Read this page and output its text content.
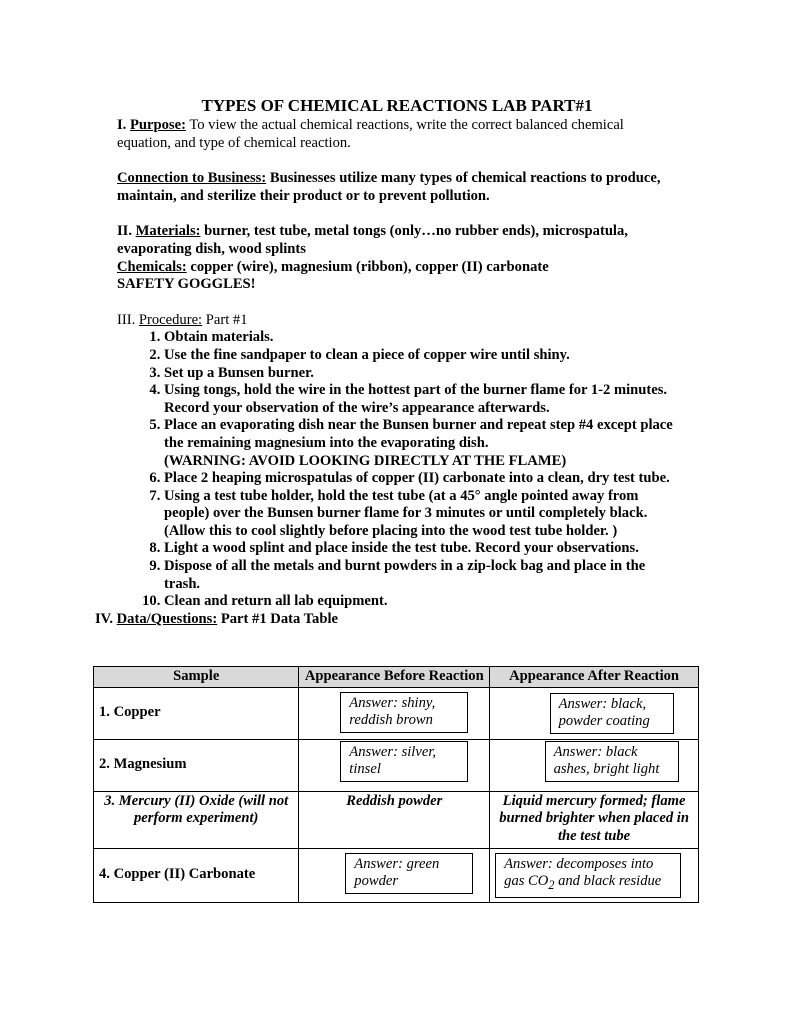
TYPES OF CHEMICAL REACTIONS LAB PART#1

I. Purpose: To view the actual chemical reactions, write the correct balanced chemical equation, and type of chemical reaction.

Connection to Business: Businesses utilize many types of chemical reactions to produce, maintain, and sterilize their product or to prevent pollution.

II. Materials: burner, test tube, metal tongs (only…no rubber ends), microspatula, evaporating dish, wood splints

Chemicals: copper (wire), magnesium (ribbon), copper (II) carbonate

SAFETY GOGGLES!

III. Procedure: Part #1

1. Obtain materials.
2. Use the fine sandpaper to clean a piece of copper wire until shiny.
3. Set up a Bunsen burner.
4. Using tongs, hold the wire in the hottest part of the burner flame for 1-2 minutes. Record your observation of the wire’s appearance afterwards.
5. Place an evaporating dish near the Bunsen burner and repeat step #4 except place the remaining magnesium into the evaporating dish.
(WARNING: AVOID LOOKING DIRECTLY AT THE FLAME)
6. Place 2 heaping microspatulas of copper (II) carbonate into a clean, dry test tube.
7. Using a test tube holder, hold the test tube (at a 45° angle pointed away from people) over the Bunsen burner flame for 3 minutes or until completely black.
(Allow this to cool slightly before placing into the wood test tube holder. )
8. Light a wood splint and place inside the test tube. Record your observations.
9. Dispose of all the metals and burnt powders in a zip-lock bag and place in the trash.
10. Clean and return all lab equipment.

IV. Data/Questions: Part #1 Data Table

Sample	Appearance Before Reaction	Appearance After Reaction
1. Copper	Answer: shiny, reddish brown	Answer: black, powder coating
2. Magnesium	Answer: silver, tinsel	Answer: black ashes, bright light
3. Mercury (II) Oxide (will not perform experiment)	Reddish powder	Liquid mercury formed; flame burned brighter when placed in the test tube
4. Copper (II) Carbonate	Answer: green powder	Answer: decomposes into gas $CO_2$ and black residue
